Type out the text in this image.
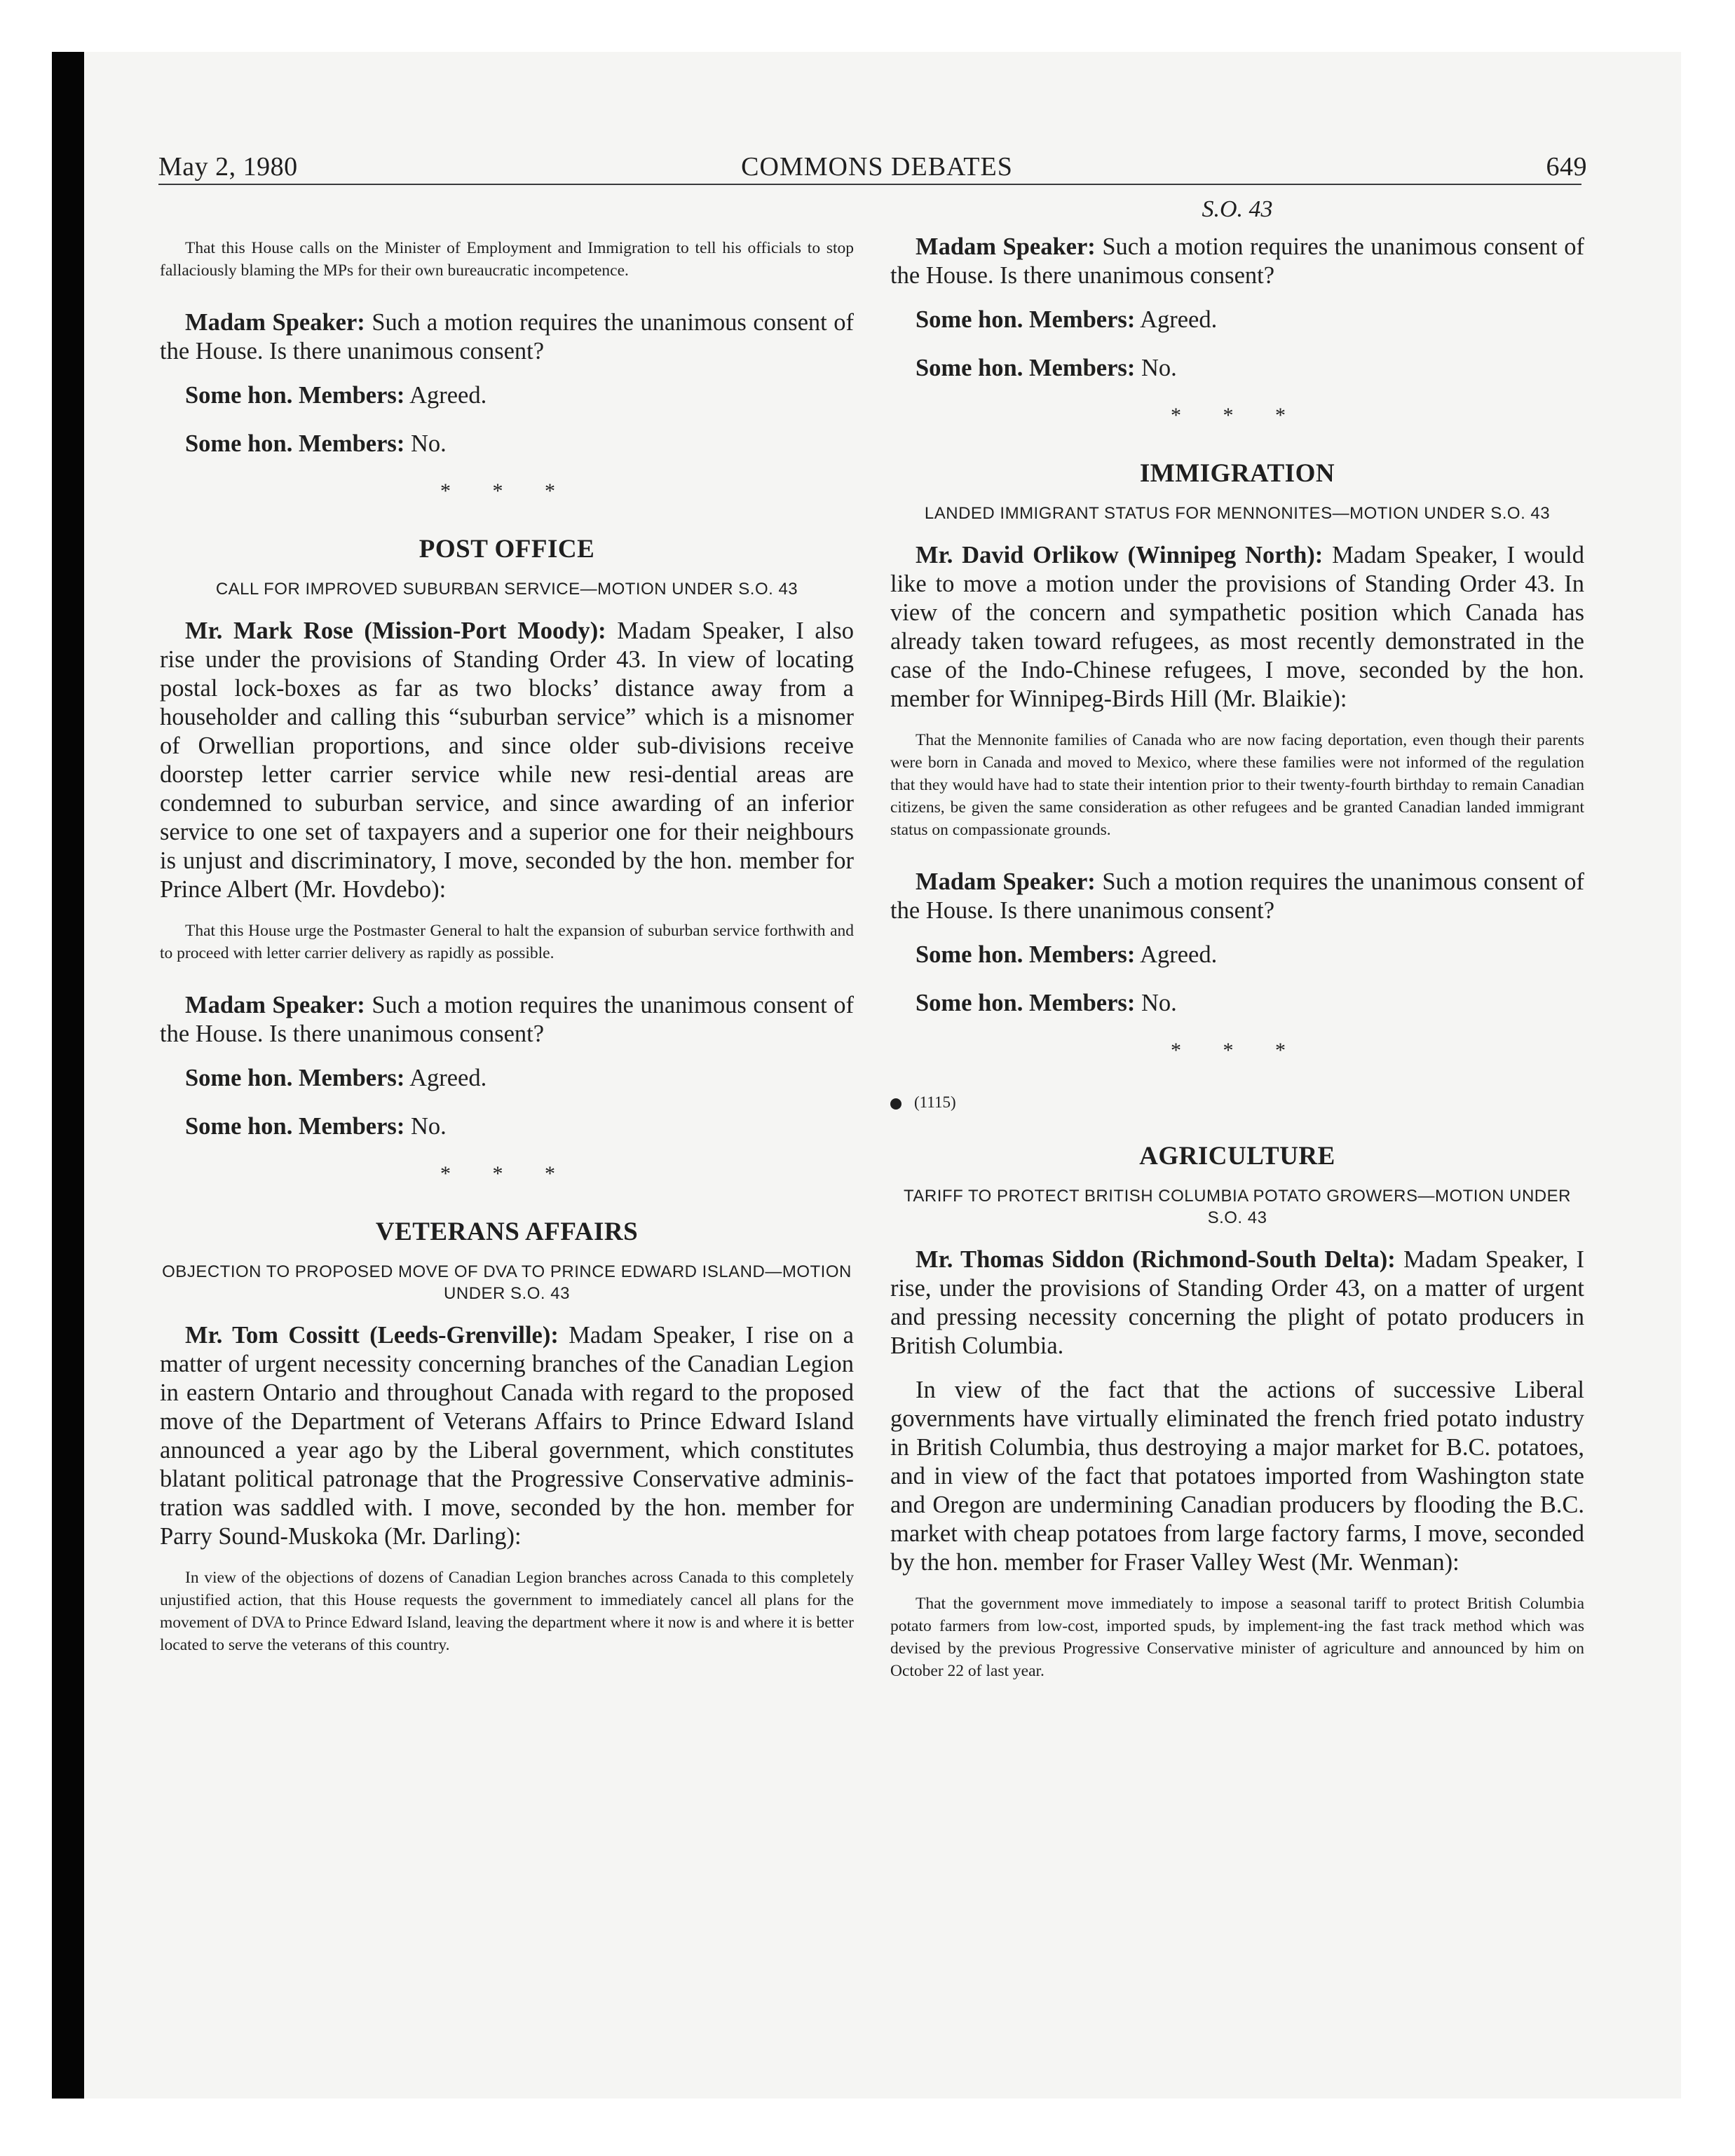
May 2, 1980	COMMONS DEBATES	649

That this House calls on the Minister of Employment and Immigration to tell his officials to stop fallaciously blaming the MPs for their own bureaucratic incompetence.

Madam Speaker: Such a motion requires the unanimous consent of the House. Is there unanimous consent?

Some hon. Members: Agreed.

Some hon. Members: No.

* * *
POST OFFICE
CALL FOR IMPROVED SUBURBAN SERVICE—MOTION UNDER S.O. 43

Mr. Mark Rose (Mission-Port Moody): Madam Speaker, I also rise under the provisions of Standing Order 43. In view of locating postal lock-boxes as far as two blocks’ distance away from a householder and calling this “suburban service” which is a misnomer of Orwellian proportions, and since older sub-divisions receive doorstep letter carrier service while new resi-dential areas are condemned to suburban service, and since awarding of an inferior service to one set of taxpayers and a superior one for their neighbours is unjust and discriminatory, I move, seconded by the hon. member for Prince Albert (Mr. Hovdebo):

That this House urge the Postmaster General to halt the expansion of suburban service forthwith and to proceed with letter carrier delivery as rapidly as possible.

Madam Speaker: Such a motion requires the unanimous consent of the House. Is there unanimous consent?

Some hon. Members: Agreed.

Some hon. Members: No.

* * *
VETERANS AFFAIRS
OBJECTION TO PROPOSED MOVE OF DVA TO PRINCE EDWARD ISLAND—MOTION UNDER S.O. 43

Mr. Tom Cossitt (Leeds-Grenville): Madam Speaker, I rise on a matter of urgent necessity concerning branches of the Canadian Legion in eastern Ontario and throughout Canada with regard to the proposed move of the Department of Veterans Affairs to Prince Edward Island announced a year ago by the Liberal government, which constitutes blatant political patronage that the Progressive Conservative adminis-tration was saddled with. I move, seconded by the hon. member for Parry Sound-Muskoka (Mr. Darling):

In view of the objections of dozens of Canadian Legion branches across Canada to this completely unjustified action, that this House requests the government to immediately cancel all plans for the movement of DVA to Prince Edward Island, leaving the department where it now is and where it is better located to serve the veterans of this country.

S.O. 43

Madam Speaker: Such a motion requires the unanimous consent of the House. Is there unanimous consent?

Some hon. Members: Agreed.

Some hon. Members: No.

* * *
IMMIGRATION
LANDED IMMIGRANT STATUS FOR MENNONITES—MOTION UNDER S.O. 43

Mr. David Orlikow (Winnipeg North): Madam Speaker, I would like to move a motion under the provisions of Standing Order 43. In view of the concern and sympathetic position which Canada has already taken toward refugees, as most recently demonstrated in the case of the Indo-Chinese refugees, I move, seconded by the hon. member for Winnipeg-Birds Hill (Mr. Blaikie):

That the Mennonite families of Canada who are now facing deportation, even though their parents were born in Canada and moved to Mexico, where these families were not informed of the regulation that they would have had to state their intention prior to their twenty-fourth birthday to remain Canadian citizens, be given the same consideration as other refugees and be granted Canadian landed immigrant status on compassionate grounds.

Madam Speaker: Such a motion requires the unanimous consent of the House. Is there unanimous consent?

Some hon. Members: Agreed.

Some hon. Members: No.

* * *
(1115)
AGRICULTURE
TARIFF TO PROTECT BRITISH COLUMBIA POTATO GROWERS—MOTION UNDER S.O. 43

Mr. Thomas Siddon (Richmond-South Delta): Madam Speaker, I rise, under the provisions of Standing Order 43, on a matter of urgent and pressing necessity concerning the plight of potato producers in British Columbia.

In view of the fact that the actions of successive Liberal governments have virtually eliminated the french fried potato industry in British Columbia, thus destroying a major market for B.C. potatoes, and in view of the fact that potatoes imported from Washington state and Oregon are undermining Canadian producers by flooding the B.C. market with cheap potatoes from large factory farms, I move, seconded by the hon. member for Fraser Valley West (Mr. Wenman):

That the government move immediately to impose a seasonal tariff to protect British Columbia potato farmers from low-cost, imported spuds, by implement-ing the fast track method which was devised by the previous Progressive Conservative minister of agriculture and announced by him on October 22 of last year.
